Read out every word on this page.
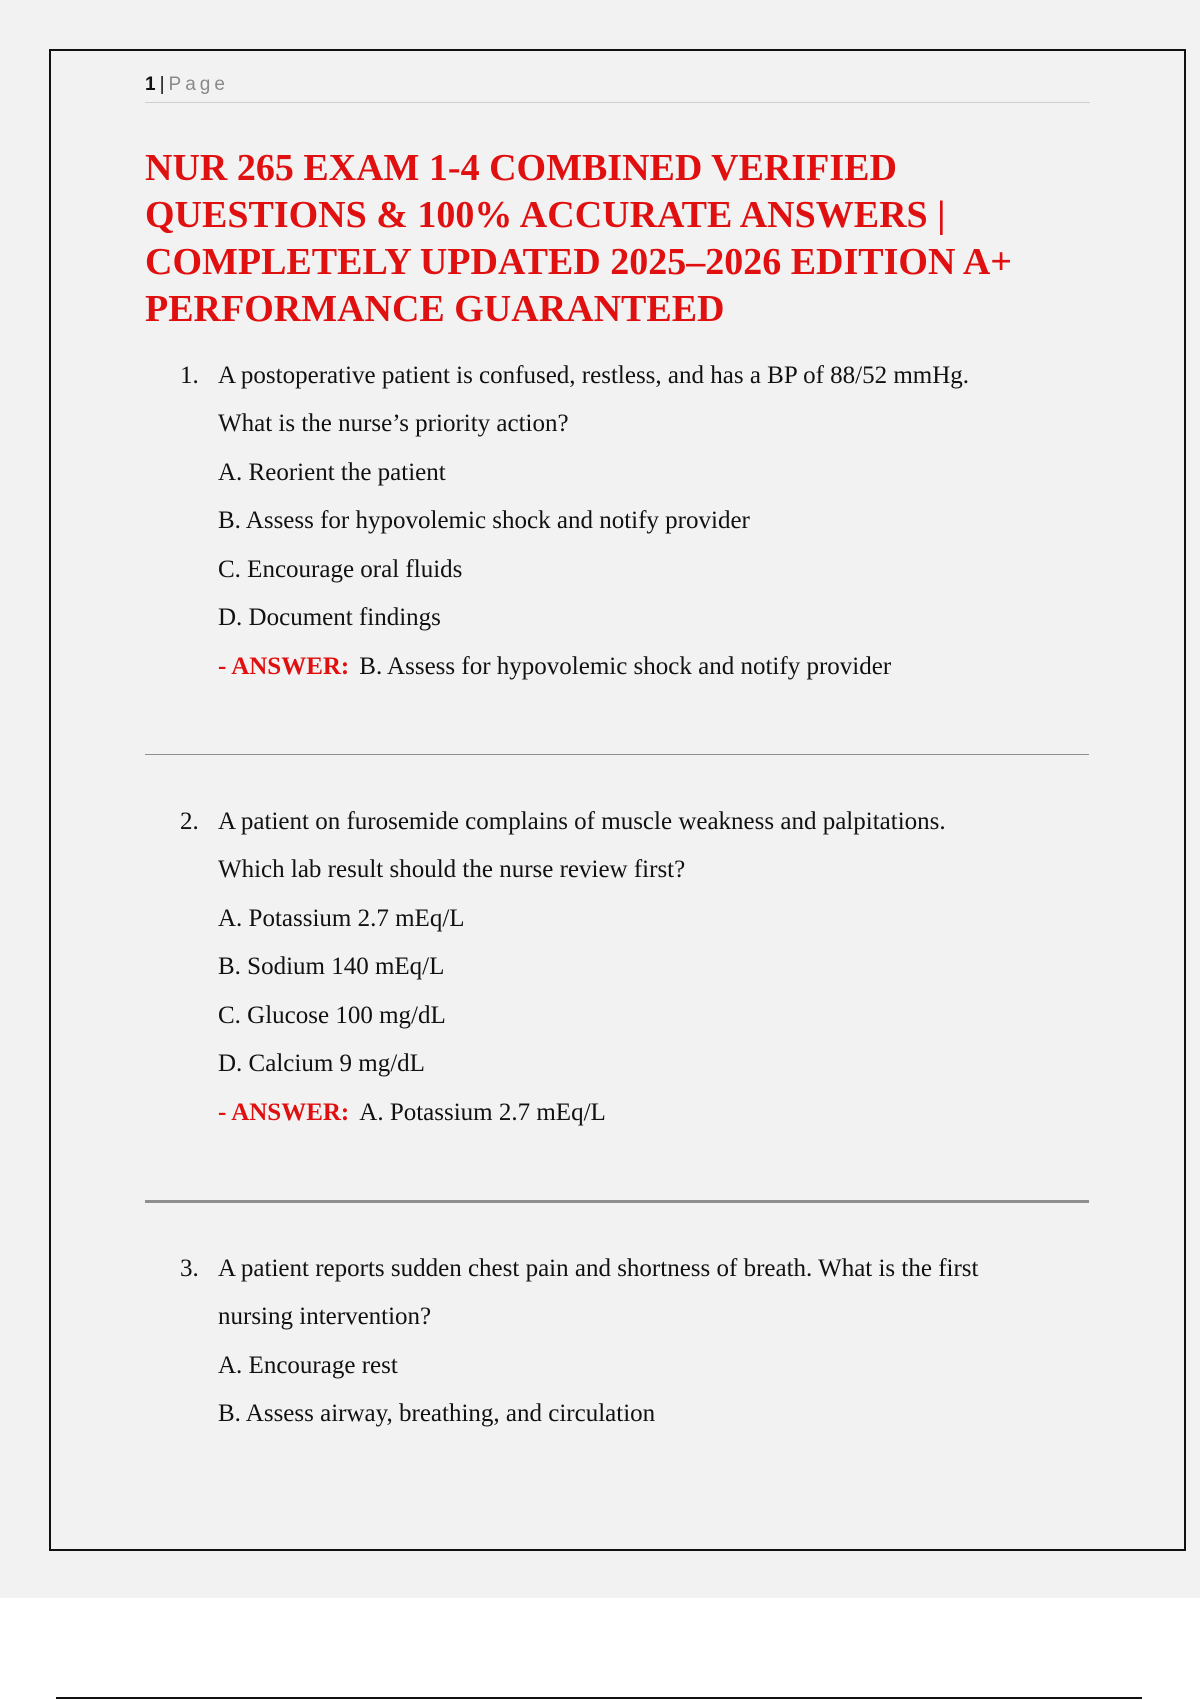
1 | Page
NUR 265 EXAM 1-4 COMBINED VERIFIED QUESTIONS & 100% ACCURATE ANSWERS | COMPLETELY UPDATED 2025–2026 EDITION A+ PERFORMANCE GUARANTEED
1. A postoperative patient is confused, restless, and has a BP of 88/52 mmHg.
What is the nurse’s priority action?
A. Reorient the patient
B. Assess for hypovolemic shock and notify provider
C. Encourage oral fluids
D. Document findings
- ANSWER: B. Assess for hypovolemic shock and notify provider
2. A patient on furosemide complains of muscle weakness and palpitations.
Which lab result should the nurse review first?
A. Potassium 2.7 mEq/L
B. Sodium 140 mEq/L
C. Glucose 100 mg/dL
D. Calcium 9 mg/dL
- ANSWER: A. Potassium 2.7 mEq/L
3. A patient reports sudden chest pain and shortness of breath. What is the first
nursing intervention?
A. Encourage rest
B. Assess airway, breathing, and circulation
